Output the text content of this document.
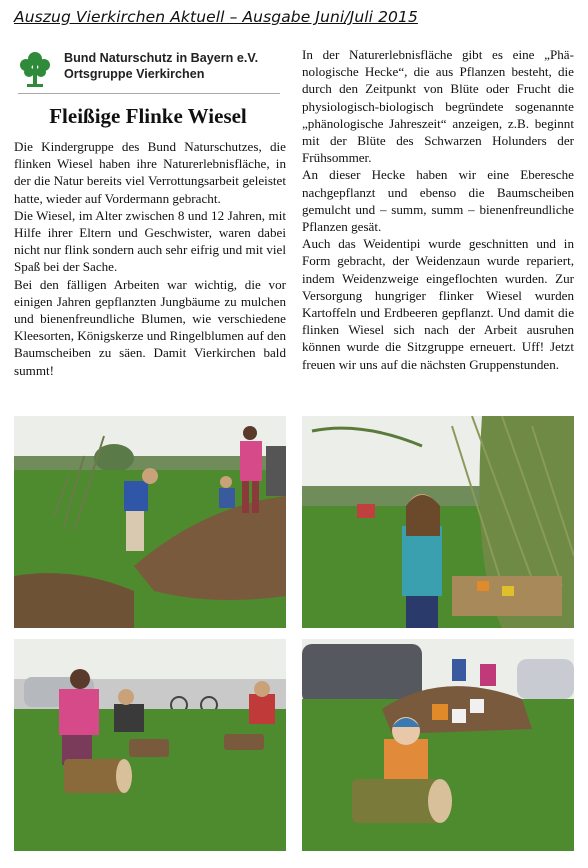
Auszug Vierkirchen Aktuell – Ausgabe Juni/Juli 2015
Bund Naturschutz in Bayern e.V.
Ortsgruppe Vierkirchen
Fleißige Flinke Wiesel

Die Kindergruppe des Bund Naturschutzes, die flinken Wiesel haben ihre Naturerlebnisfläche, in der die Natur bereits viel Verrottungsarbeit geleistet hatte, wieder auf Vordermann gebracht.

Die Wiesel, im Alter zwischen 8 und 12 Jahren, mit Hilfe ihrer Eltern und Geschwister, waren dabei nicht nur flink sondern auch sehr eifrig und mit viel Spaß bei der Sache.

Bei den fälligen Arbeiten war wichtig, die vor einigen Jahren gepflanzten Jungbäume zu mulchen und bienenfreundliche Blumen, wie verschiedene Kleesorten, Königskerze und Ringelblumen auf den Baumscheiben zu säen. Damit Vierkirchen bald summt!

In der Naturerlebnisfläche gibt es eine „Phänologische Hecke“, die aus Pflanzen besteht, die durch den Zeitpunkt von Blüte oder Frucht die physiologisch-biologisch begründete sogenannte „phänologische Jahreszeit“ anzeigen, z.B. beginnt mit der Blüte des Schwarzen Holunders der Frühsommer.

An dieser Hecke haben wir eine Eberesche nachgepflanzt und ebenso die Baumscheiben gemulcht und – summ, summ – bienenfreundliche Pflanzen gesät.

Auch das Weidentipi wurde geschnitten und in Form gebracht, der Weidenzaun wurde repariert, indem Weidenzweige eingeflochten wurden. Zur Versorgung hungriger flinker Wiesel wurden Kartoffeln und Erdbeeren gepflanzt. Und damit die flinken Wiesel sich nach der Arbeit ausruhen können wurde die Sitzgruppe erneuert. Uff! Jetzt freuen wir uns auf die nächsten Gruppenstunden.
